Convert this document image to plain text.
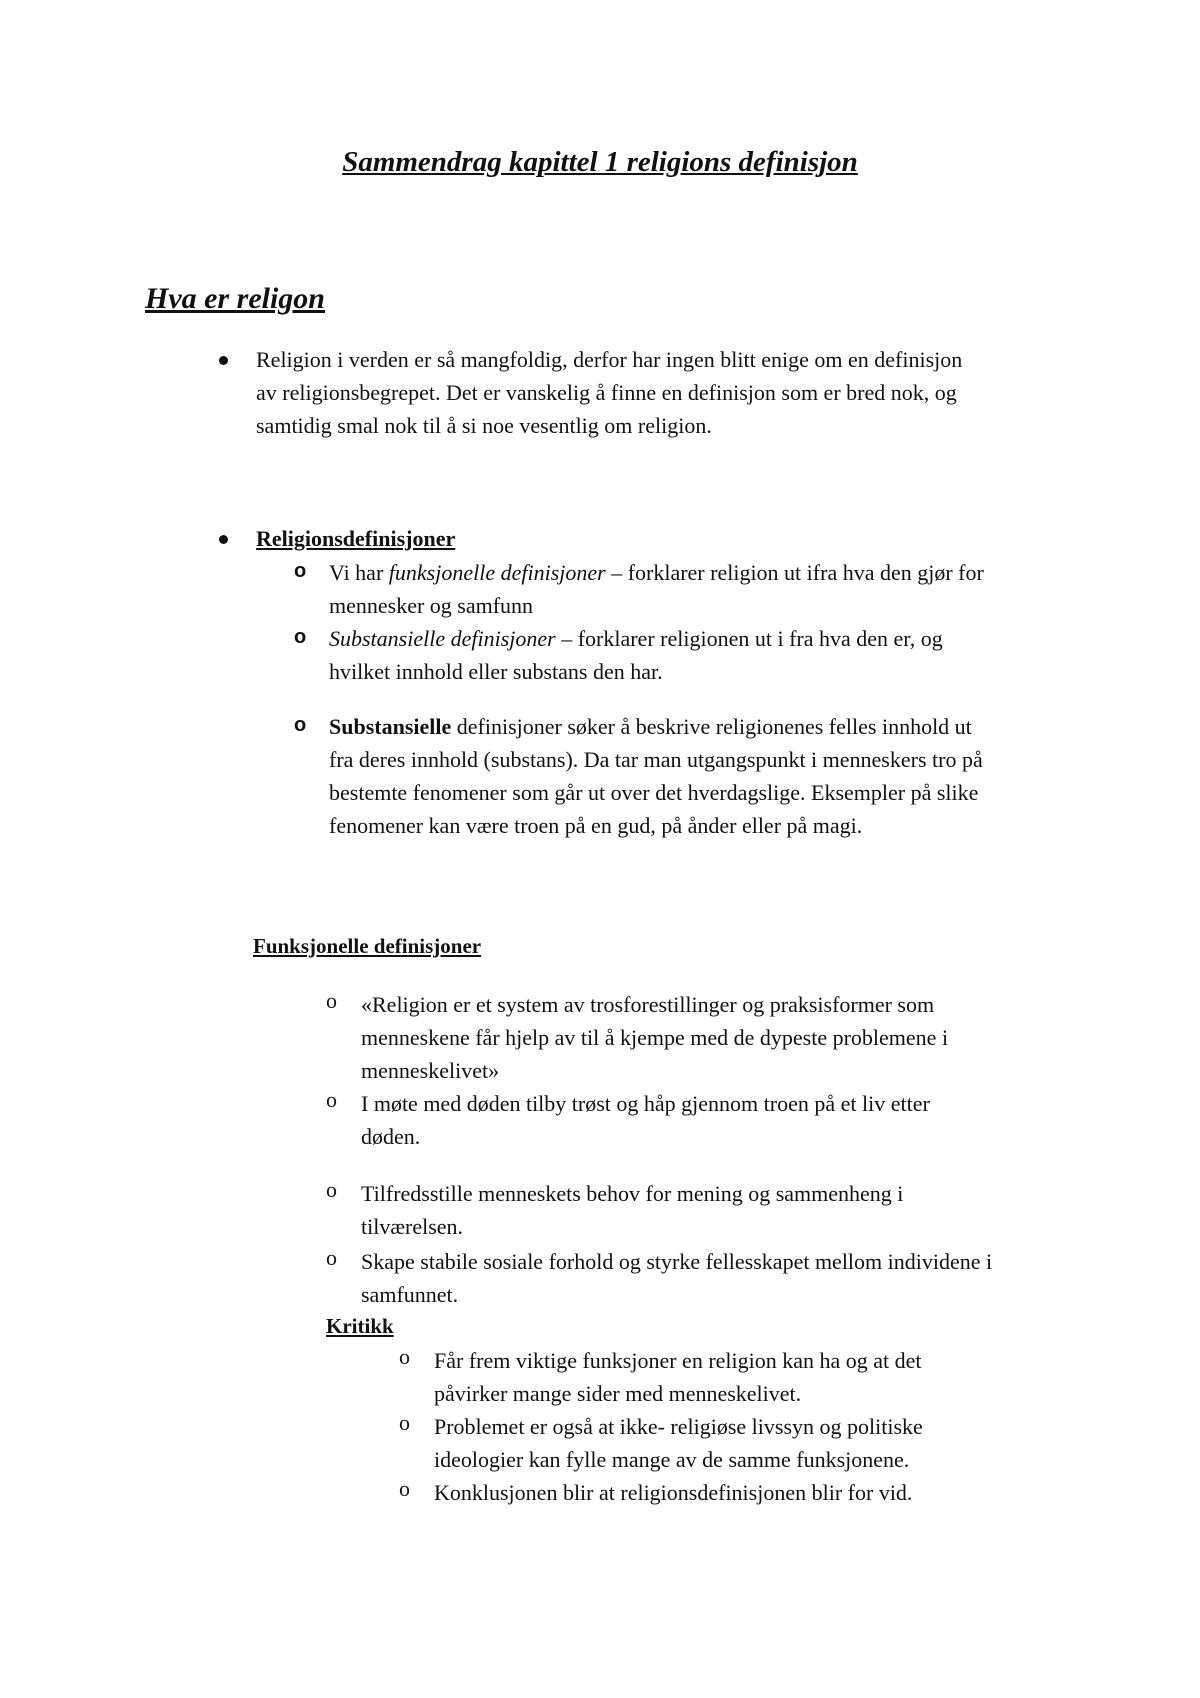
Sammendrag kapittel 1 religions definisjon
Hva er religon
Religion i verden er så mangfoldig, derfor har ingen blitt enige om en definisjon
av religionsbegrepet. Det er vanskelig å finne en definisjon som er bred nok, og
samtidig smal nok til å si noe vesentlig om religion.
Religionsdefinisjoner
o Vi har funksjonelle definisjoner – forklarer religion ut ifra hva den gjør for
mennesker og samfunn
o Substansielle definisjoner – forklarer religionen ut i fra hva den er, og
hvilket innhold eller substans den har.
o Substansielle definisjoner søker å beskrive religionenes felles innhold ut
fra deres innhold (substans). Da tar man utgangspunkt i menneskers tro på
bestemte fenomener som går ut over det hverdagslige. Eksempler på slike
fenomener kan være troen på en gud, på ånder eller på magi.
Funksjonelle definisjoner
o «Religion er et system av trosforestillinger og praksisformer som
menneskene får hjelp av til å kjempe med de dypeste problemene i
menneskelivet»
o I møte med døden tilby trøst og håp gjennom troen på et liv etter
døden.
o Tilfredsstille menneskets behov for mening og sammenheng i
tilværelsen.
o Skape stabile sosiale forhold og styrke fellesskapet mellom individene i
samfunnet.
Kritikk
o Får frem viktige funksjoner en religion kan ha og at det
påvirker mange sider med menneskelivet.
o Problemet er også at ikke- religiøse livssyn og politiske
ideologier kan fylle mange av de samme funksjonene.
o Konklusjonen blir at religionsdefinisjonen blir for vid.
